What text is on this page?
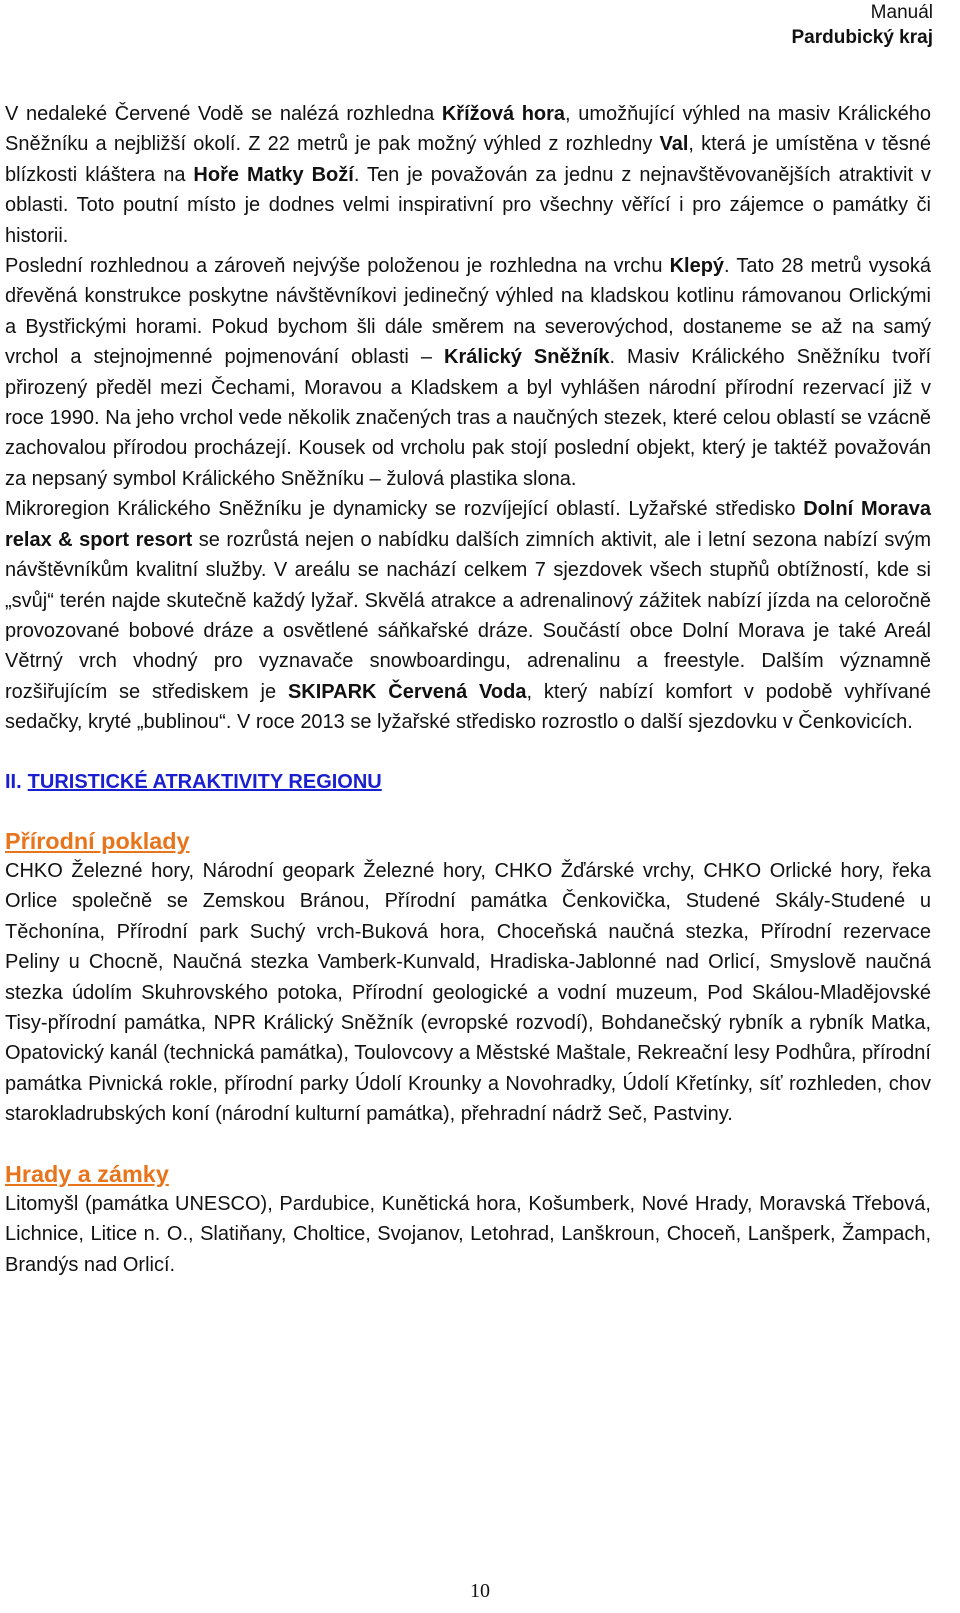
Manuál
Pardubický kraj

V nedaleké Červené Vodě se nalézá rozhledna Křížová hora, umožňující výhled na masiv Králického Sněžníku a nejbližší okolí. Z 22 metrů je pak možný výhled z rozhledny Val, která je umístěna v těsné blízkosti kláštera na Hoře Matky Boží. Ten je považován za jednu z nejnavštěvovanějších atraktivit v oblasti. Toto poutní místo je dodnes velmi inspirativní pro všechny věřící i pro zájemce o památky či historii.

Poslední rozhlednou a zároveň nejvýše položenou je rozhledna na vrchu Klepý. Tato 28 metrů vysoká dřevěná konstrukce poskytne návštěvníkovi jedinečný výhled na kladskou kotlinu rámovanou Orlickými a Bystřickými horami. Pokud bychom šli dále směrem na severovýchod, dostaneme se až na samý vrchol a stejnojmenné pojmenování oblasti – Králický Sněžník. Masiv Králického Sněžníku tvoří přirozený předěl mezi Čechami, Moravou a Kladskem a byl vyhlášen národní přírodní rezervací již v roce 1990. Na jeho vrchol vede několik značených tras a naučných stezek, které celou oblastí se vzácně zachovalou přírodou procházejí. Kousek od vrcholu pak stojí poslední objekt, který je taktéž považován za nepsaný symbol Králického Sněžníku – žulová plastika slona.

Mikroregion Králického Sněžníku je dynamicky se rozvíjející oblastí. Lyžařské středisko Dolní Morava relax & sport resort se rozrůstá nejen o nabídku dalších zimních aktivit, ale i letní sezona nabízí svým návštěvníkům kvalitní služby. V areálu se nachází celkem 7 sjezdovek všech stupňů obtížností, kde si „svůj“ terén najde skutečně každý lyžař. Skvělá atrakce a adrenalinový zážitek nabízí jízda na celoročně provozované bobové dráze a osvětlené sáňkařské dráze. Součástí obce Dolní Morava je také Areál Větrný vrch vhodný pro vyznavače snowboardingu, adrenalinu a freestyle. Dalším významně rozšiřujícím se střediskem je SKIPARK Červená Voda, který nabízí komfort v podobě vyhřívané sedačky, kryté „bublinou“. V roce 2013 se lyžařské středisko rozrostlo o další sjezdovku v Čenkovicích.

II. TURISTICKÉ ATRAKTIVITY REGIONU
Přírodní poklady

CHKO Železné hory, Národní geopark Železné hory, CHKO Žďárské vrchy, CHKO Orlické hory, řeka Orlice společně se Zemskou Bránou, Přírodní památka Čenkovička, Studené Skály-Studené u Těchonína, Přírodní park Suchý vrch-Buková hora, Choceňská naučná stezka, Přírodní rezervace Peliny u Chocně, Naučná stezka Vamberk-Kunvald, Hradiska-Jablonné nad Orlicí, Smyslově naučná stezka údolím Skuhrovského potoka, Přírodní geologické a vodní muzeum, Pod Skálou-Mladějovské Tisy-přírodní památka, NPR Králický Sněžník (evropské rozvodí), Bohdanečský rybník a rybník Matka, Opatovický kanál (technická památka), Toulovcovy a Městské Maštale, Rekreační lesy Podhůra, přírodní památka Pivnická rokle, přírodní parky Údolí Krounky a Novohradky, Údolí Křetínky, síť rozhleden, chov starokladrubských koní (národní kulturní památka), přehradní nádrž Seč, Pastviny.

Hrady a zámky

Litomyšl (památka UNESCO), Pardubice, Kunětická hora, Košumberk, Nové Hrady, Moravská Třebová, Lichnice, Litice n. O., Slatiňany, Choltice, Svojanov, Letohrad, Lanškroun, Choceň, Lanšperk, Žampach, Brandýs nad Orlicí.

10
